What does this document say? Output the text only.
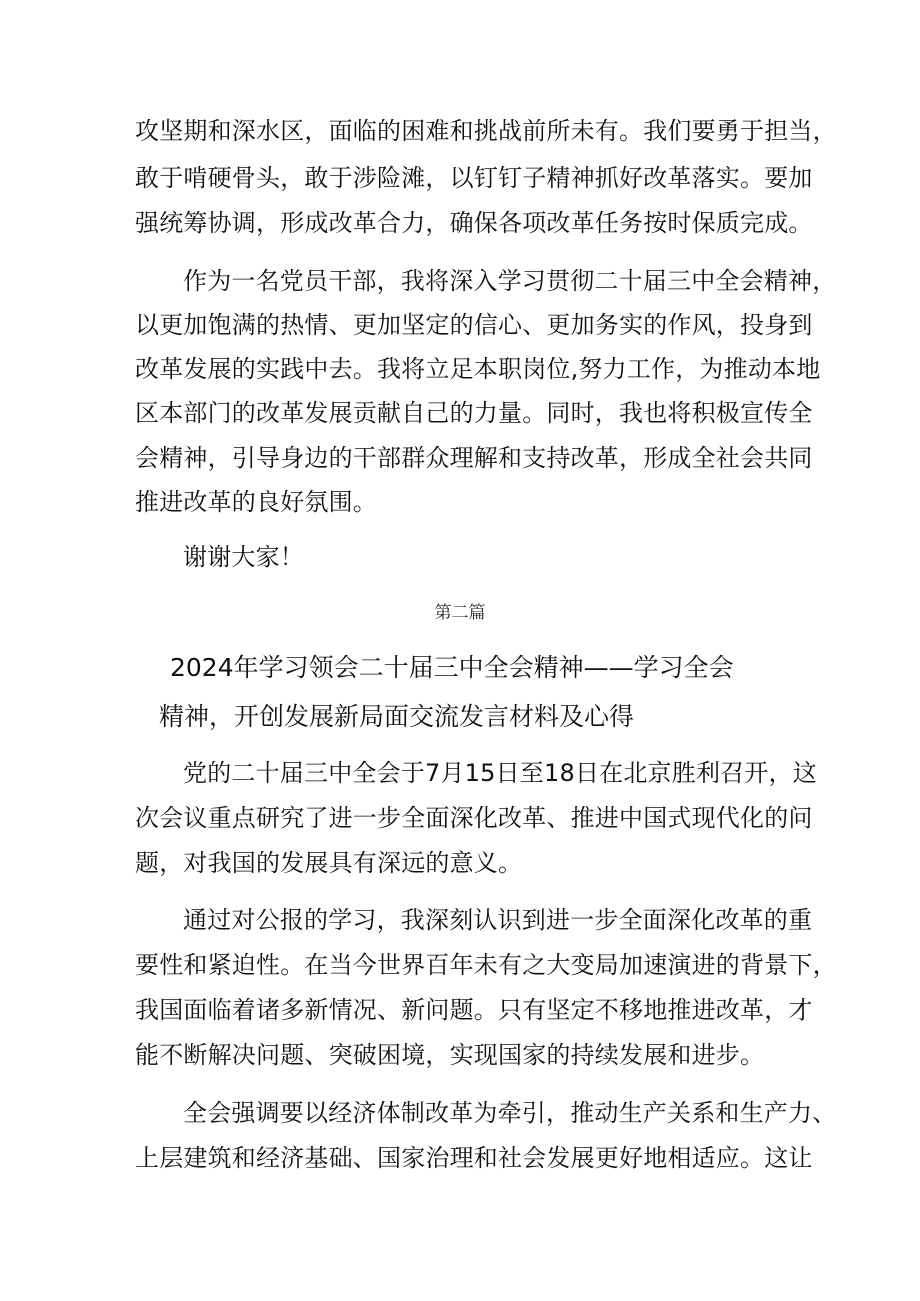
攻坚期和深水区，面临的困难和挑战前所未有。我们要勇于担当，
敢于啃硬骨头，敢于涉险滩，以钉钉子精神抓好改革落实。要加
强统筹协调，形成改革合力，确保各项改革任务按时保质完成。
作为一名党员干部，我将深入学习贯彻二十届三中全会精神，
以更加饱满的热情、更加坚定的信心、更加务实的作风，投身到
改革发展的实践中去。我将立足本职岗位,努力工作，为推动本地
区本部门的改革发展贡献自己的力量。同时，我也将积极宣传全
会精神，引导身边的干部群众理解和支持改革，形成全社会共同
推进改革的良好氛围。
谢谢大家！
第二篇
2024年学习领会二十届三中全会精神——学习全会
精神，开创发展新局面交流发言材料及心得
党的二十届三中全会于7月15日至18日在北京胜利召开，这
次会议重点研究了进一步全面深化改革、推进中国式现代化的问
题，对我国的发展具有深远的意义。
通过对公报的学习，我深刻认识到进一步全面深化改革的重
要性和紧迫性。在当今世界百年未有之大变局加速演进的背景下，
我国面临着诸多新情况、新问题。只有坚定不移地推进改革，才
能不断解决问题、突破困境，实现国家的持续发展和进步。
全会强调要以经济体制改革为牵引，推动生产关系和生产力、
上层建筑和经济基础、国家治理和社会发展更好地相适应。这让
